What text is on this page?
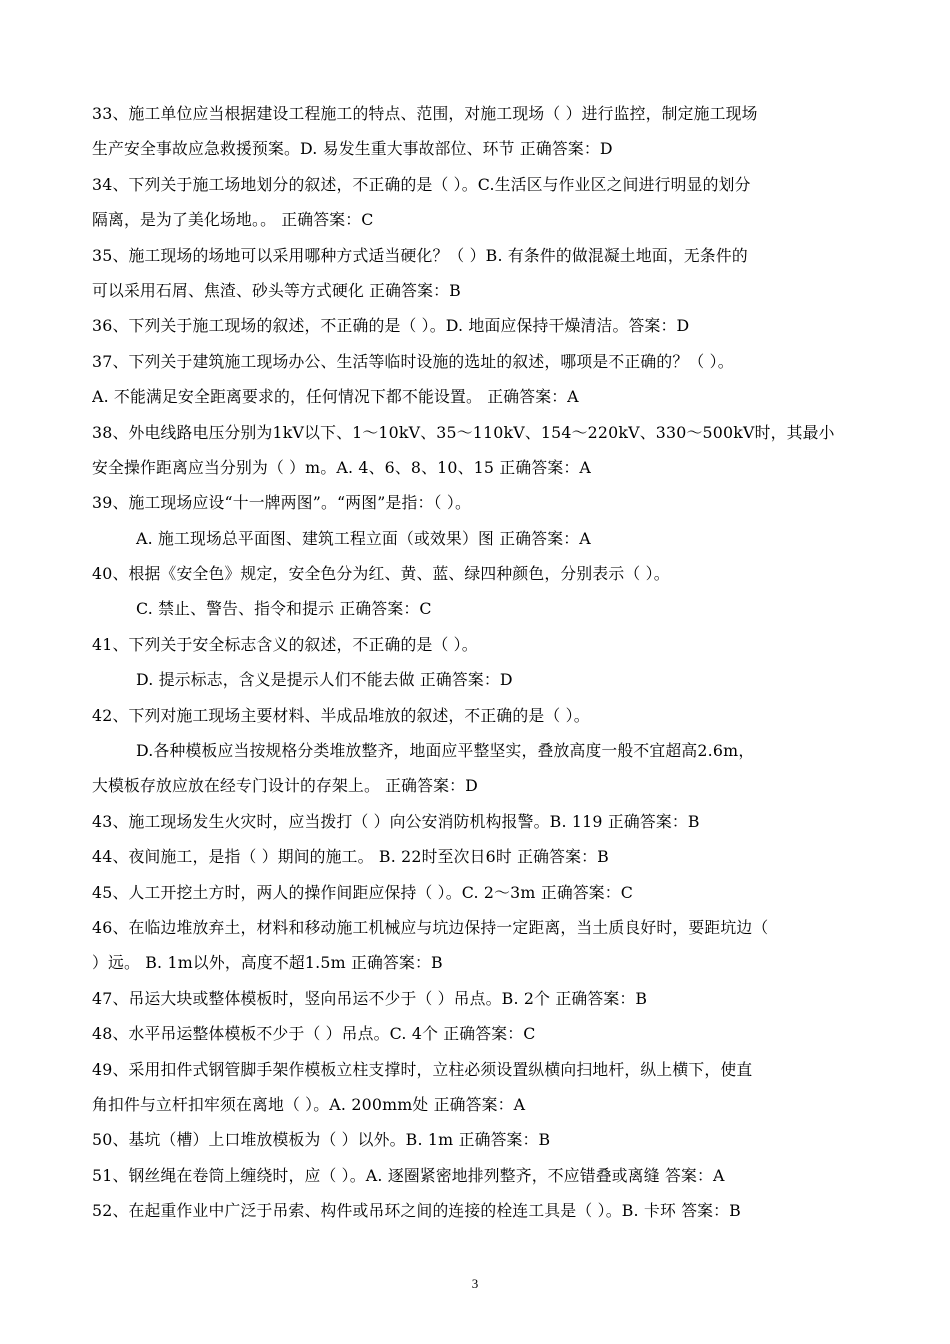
33、施工单位应当根据建设工程施工的特点、范围，对施工现场（ ）进行监控，制定施工现场
生产安全事故应急救援预案。D. 易发生重大事故部位、环节 正确答案：D
34、下列关于施工场地划分的叙述，不正确的是（ ）。C.生活区与作业区之间进行明显的划分
隔离，是为了美化场地。。 正确答案：C
35、施工现场的场地可以采用哪种方式适当硬化？（ ）B. 有条件的做混凝土地面，无条件的
可以采用石屑、焦渣、砂头等方式硬化 正确答案：B
36、下列关于施工现场的叙述，不正确的是（ ）。D. 地面应保持干燥清洁。答案：D
37、下列关于建筑施工现场办公、生活等临时设施的选址的叙述，哪项是不正确的？（ ）。
A. 不能满足安全距离要求的，任何情况下都不能设置。 正确答案：A
38、外电线路电压分别为1kV以下、1～10kV、35～110kV、154～220kV、330～500kV时，其最小
安全操作距离应当分别为（ ）m。A. 4、6、8、10、15 正确答案：A
39、施工现场应设“十一牌两图”。“两图”是指：（ ）。
A. 施工现场总平面图、建筑工程立面（或效果）图 正确答案：A
40、根据《安全色》规定，安全色分为红、黄、蓝、绿四种颜色，分别表示（ ）。
C. 禁止、警告、指令和提示 正确答案：C
41、下列关于安全标志含义的叙述，不正确的是（ ）。
D. 提示标志，含义是提示人们不能去做 正确答案：D
42、下列对施工现场主要材料、半成品堆放的叙述，不正确的是（ ）。
D.各种模板应当按规格分类堆放整齐，地面应平整坚实，叠放高度一般不宜超高2.6m，
大模板存放应放在经专门设计的存架上。 正确答案：D
43、施工现场发生火灾时，应当拨打（ ）向公安消防机构报警。B. 119 正确答案：B
44、夜间施工，是指（ ）期间的施工。 B. 22时至次日6时 正确答案：B
45、人工开挖土方时，两人的操作间距应保持（ ）。C. 2～3m 正确答案：C
46、在临边堆放弃土，材料和移动施工机械应与坑边保持一定距离，当土质良好时，要距坑边（
）远。 B. 1m以外，高度不超1.5m 正确答案：B
47、吊运大块或整体模板时，竖向吊运不少于（ ）吊点。B. 2个 正确答案：B
48、水平吊运整体模板不少于（ ）吊点。C. 4个 正确答案：C
49、采用扣件式钢管脚手架作模板立柱支撑时，立柱必须设置纵横向扫地杆，纵上横下，使直
角扣件与立杆扣牢须在离地（ ）。A. 200mm处 正确答案：A
50、基坑（槽）上口堆放模板为（ ）以外。B. 1m 正确答案：B
51、钢丝绳在卷筒上缠绕时，应（ ）。A. 逐圈紧密地排列整齐，不应错叠或离缝 答案：A
52、在起重作业中广泛于吊索、构件或吊环之间的连接的栓连工具是（ ）。B. 卡环 答案：B
3
